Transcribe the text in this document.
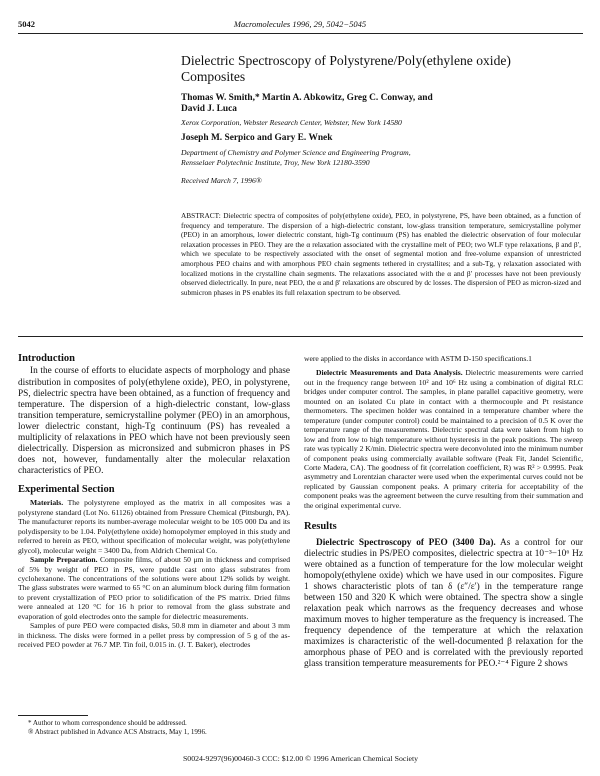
5042	Macromolecules 1996, 29, 5042−5045
Dielectric Spectroscopy of Polystyrene/Poly(ethylene oxide) Composites
Thomas W. Smith,* Martin A. Abkowitz, Greg C. Conway, and
David J. Luca
Xerox Corporation, Webster Research Center, Webster, New York 14580
Joseph M. Serpico and Gary E. Wnek
Department of Chemistry and Polymer Science and Engineering Program,
Rensselaer Polytechnic Institute, Troy, New York 12180-3590
Received March 7, 1996®
ABSTRACT: Dielectric spectra of composites of poly(ethylene oxide), PEO, in polystyrene, PS, have been obtained, as a function of frequency and temperature. The dispersion of a high-dielectric constant, low-glass transition temperature, semicrystalline polymer (PEO) in an amorphous, lower dielectric constant, high-Tg continuum (PS) has enabled the dielectric observation of four molecular relaxation processes in PEO. They are the α relaxation associated with the crystalline melt of PEO; two WLF type relaxations, β and β′, which we speculate to be respectively associated with the onset of segmental motion and free-volume expansion of unrestricted amorphous PEO chains and with amorphous PEO chain segments tethered in crystallites; and a sub-Tg, γ relaxation associated with localized motions in the crystalline chain segments. The relaxations associated with the α and β′ processes have not been previously observed dielectrically. In pure, neat PEO, the α and β′ relaxations are obscured by dc losses. The dispersion of PEO as micron-sized and submicron phases in PS enables its full relaxation spectrum to be observed.
Introduction

In the course of efforts to elucidate aspects of morphology and phase distribution in composites of poly(ethylene oxide), PEO, in polystyrene, PS, dielectric spectra have been obtained, as a function of frequency and temperature. The dispersion of a high-dielectric constant, low-glass transition temperature, semicrystalline polymer (PEO) in an amorphous, lower dielectric constant, high-Tg continuum (PS) has revealed a multiplicity of relaxations in PEO which have not been previously seen dielectrically. Dispersion as micronsized and submicron phases in PS does not, however, fundamentally alter the molecular relaxation characteristics of PEO.

Experimental Section

Materials. The polystyrene employed as the matrix in all composites was a polystyrene standard (Lot No. 61126) obtained from Pressure Chemical (Pittsburgh, PA). The manufacturer reports its number-average molecular weight to be 105 000 Da and its polydispersity to be 1.04. Poly(ethylene oxide) homopolymer employed in this study and referred to herein as PEO, without specification of molecular weight, was poly(ethylene glycol), molecular weight = 3400 Da, from Aldrich Chemical Co.

Sample Preparation. Composite films, of about 50 μm in thickness and comprised of 5% by weight of PEO in PS, were puddle cast onto glass substrates from cyclohexanone. The concentrations of the solutions were about 12% solids by weight. The glass substrates were warmed to 65 °C on an aluminum block during film formation to prevent crystallization of PEO prior to solidification of the PS matrix. Dried films were annealed at 120 °C for 16 h prior to removal from the glass substrate and evaporation of gold electrodes onto the sample for dielectric measurements.

Samples of pure PEO were compacted disks, 50.8 mm in diameter and about 3 mm in thickness. The disks were formed in a pellet press by compression of 5 g of the as-received PEO powder at 76.7 MP. Tin foil, 0.015 in. (J. T. Baker), electrodes

* Author to whom correspondence should be addressed.
® Abstract published in Advance ACS Abstracts, May 1, 1996.

were applied to the disks in accordance with ASTM D-150 specifications.1

Dielectric Measurements and Data Analysis. Dielectric measurements were carried out in the frequency range between 10² and 10⁶ Hz using a combination of digital RLC bridges under computer control. The samples, in plane parallel capacitive geometry, were mounted on an isolated Cu plate in contact with a thermocouple and Pt resistance thermometers. The specimen holder was contained in a temperature chamber where the temperature (under computer control) could be maintained to a precision of 0.5 K over the temperature range of the measurements. Dielectric spectral data were taken from high to low and from low to high temperature without hysteresis in the peak positions. The sweep rate was typically 2 K/min. Dielectric spectra were deconvoluted into the minimum number of component peaks using commercially available software (Peak Fit, Jandel Scientific, Corte Madera, CA). The goodness of fit (correlation coefficient, R) was R² > 0.9995. Peak asymmetry and Lorentzian character were used when the experimental curves could not be replicated by Gaussian component peaks. A primary criteria for acceptability of the component peaks was the agreement between the curve resulting from their summation and the original experimental curve.

Results

Dielectric Spectroscopy of PEO (3400 Da). As a control for our dielectric studies in PS/PEO composites, dielectric spectra at 10⁻³−10⁶ Hz were obtained as a function of temperature for the low molecular weight homopoly(ethylene oxide) which we have used in our composites. Figure 1 shows characteristic plots of tan δ (ε″/ε′) in the temperature range between 150 and 320 K which were obtained. The spectra show a single relaxation peak which narrows as the frequency decreases and whose maximum moves to higher temperature as the frequency is increased. The frequency dependence of the temperature at which the relaxation maximizes is characteristic of the well-documented β relaxation for the amorphous phase of PEO and is correlated with the previously reported glass transition temperature measurements for PEO.²⁻⁴ Figure 2 shows

S0024-9297(96)00460-3 CCC: $12.00 © 1996 American Chemical Society
